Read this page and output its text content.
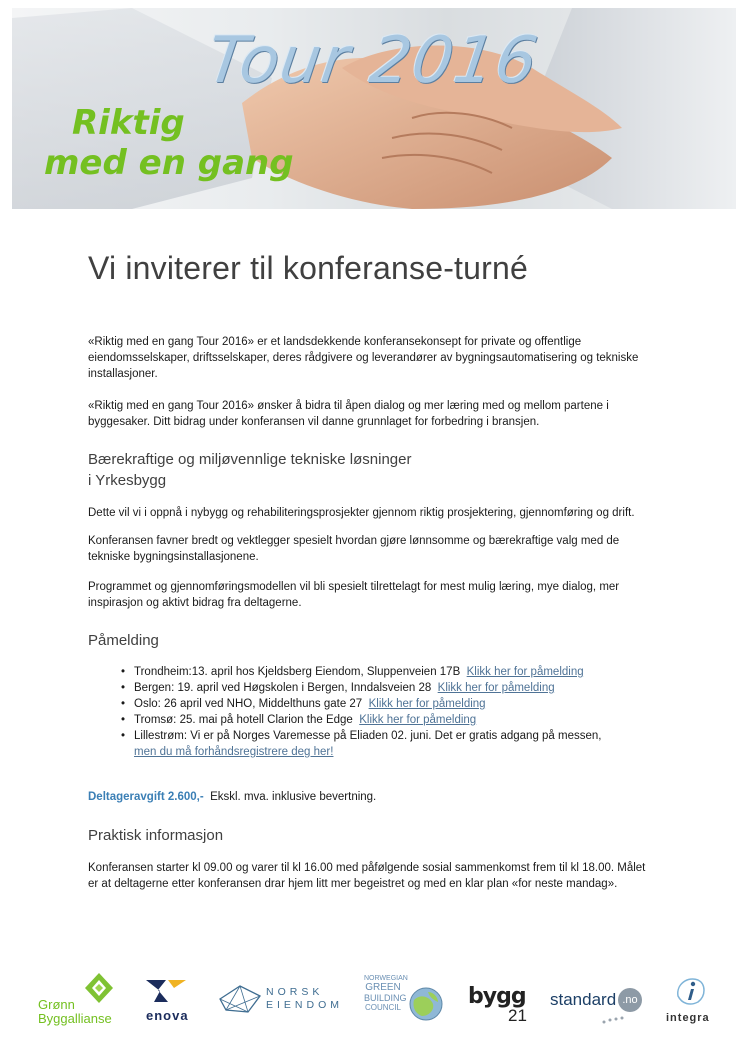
Tour 2016
Riktig
med en gang
Vi inviterer til konferanse-turné

«Riktig med en gang Tour 2016» er et landsdekkende konferansekonsept for private og offentlige eiendomsselskaper, driftsselskaper, deres rådgivere og leverandører av bygningsautomatisering og tekniske installasjoner.

«Riktig med en gang Tour 2016» ønsker å bidra til åpen dialog og mer læring med og mellom partene i byggesaker. Ditt bidrag under konferansen vil danne grunnlaget for forbedring i bransjen.

Bærekraftige og miljøvennlige tekniske løsninger
i Yrkesbygg

Dette vil vi i oppnå i nybygg og rehabiliteringsprosjekter gjennom riktig prosjektering, gjennomføring og drift.

Konferansen favner bredt og vektlegger spesielt hvordan gjøre lønnsomme og bærekraftige valg med de tekniske bygningsinstallasjonene.

Programmet og gjennomføringsmodellen vil bli spesielt tilrettelagt for mest mulig læring, mye dialog, mer inspirasjon og aktivt bidrag fra deltagerne.

Påmelding
• Trondheim:13. april hos Kjeldsberg Eiendom, Sluppenveien 17B Klikk her for påmelding
• Bergen: 19. april ved Høgskolen i Bergen, Inndalsveien 28 Klikk her for påmelding
• Oslo: 26 april ved NHO, Middelthuns gate 27 Klikk her for påmelding
• Tromsø: 25. mai på hotell Clarion the Edge Klikk her for påmelding
• Lillestrøm: Vi er på Norges Varemesse på Eliaden 02. juni. Det er gratis adgang på messen,
men du må forhåndsregistrere deg her!
Deltageravgift 2.600,- Ekskl. mva. inklusive bevertning.
Praktisk informasjon

Konferansen starter kl 09.00 og varer til kl 16.00 med påfølgende sosial sammenkomst frem til kl 18.00. Målet er at deltagerne etter konferansen drar hjem litt mer begeistret og med en klar plan «for neste mandag».

Grønn
Byggallianse	enova
NORSK
EIENDOM
NORWEGIAN
GREEN
BUILDING
COUNCIL	bygg
21
standard .no
integra
